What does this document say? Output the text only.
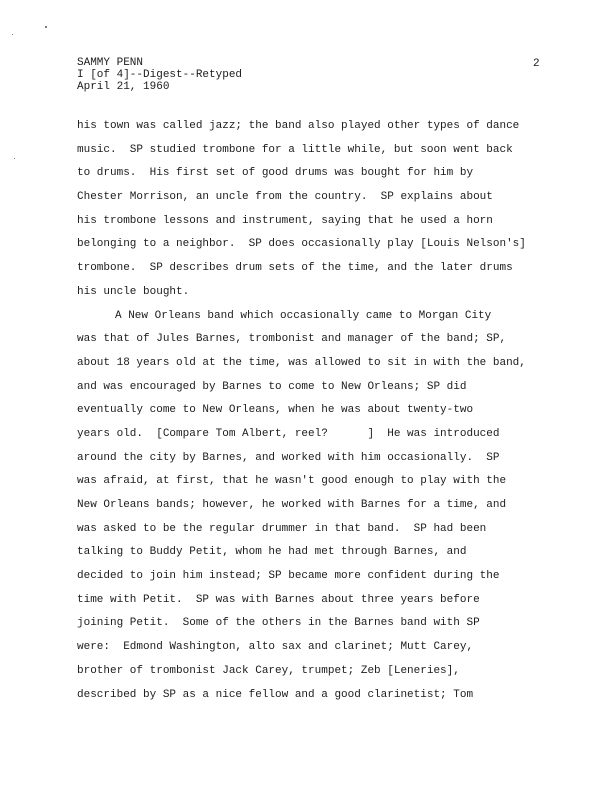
SAMMY PENN
I [of 4]--Digest--Retyped
April 21, 1960
2
his town was called jazz; the band also played other types of dance
music.  SP studied trombone for a little while, but soon went back
to drums.  His first set of good drums was bought for him by
Chester Morrison, an uncle from the country.  SP explains about
his trombone lessons and instrument, saying that he used a horn
belonging to a neighbor.  SP does occasionally play [Louis Nelson's]
trombone.  SP describes drum sets of the time, and the later drums
his uncle bought.
A New Orleans band which occasionally came to Morgan City
was that of Jules Barnes, trombonist and manager of the band; SP,
about 18 years old at the time, was allowed to sit in with the band,
and was encouraged by Barnes to come to New Orleans; SP did
eventually come to New Orleans, when he was about twenty-two
years old.  [Compare Tom Albert, reel?      ]  He was introduced
around the city by Barnes, and worked with him occasionally.  SP
was afraid, at first, that he wasn't good enough to play with the
New Orleans bands; however, he worked with Barnes for a time, and
was asked to be the regular drummer in that band.  SP had been
talking to Buddy Petit, whom he had met through Barnes, and
decided to join him instead; SP became more confident during the
time with Petit.  SP was with Barnes about three years before
joining Petit.  Some of the others in the Barnes band with SP
were:  Edmond Washington, alto sax and clarinet; Mutt Carey,
brother of trombonist Jack Carey, trumpet; Zeb [Leneries],
described by SP as a nice fellow and a good clarinetist; Tom
